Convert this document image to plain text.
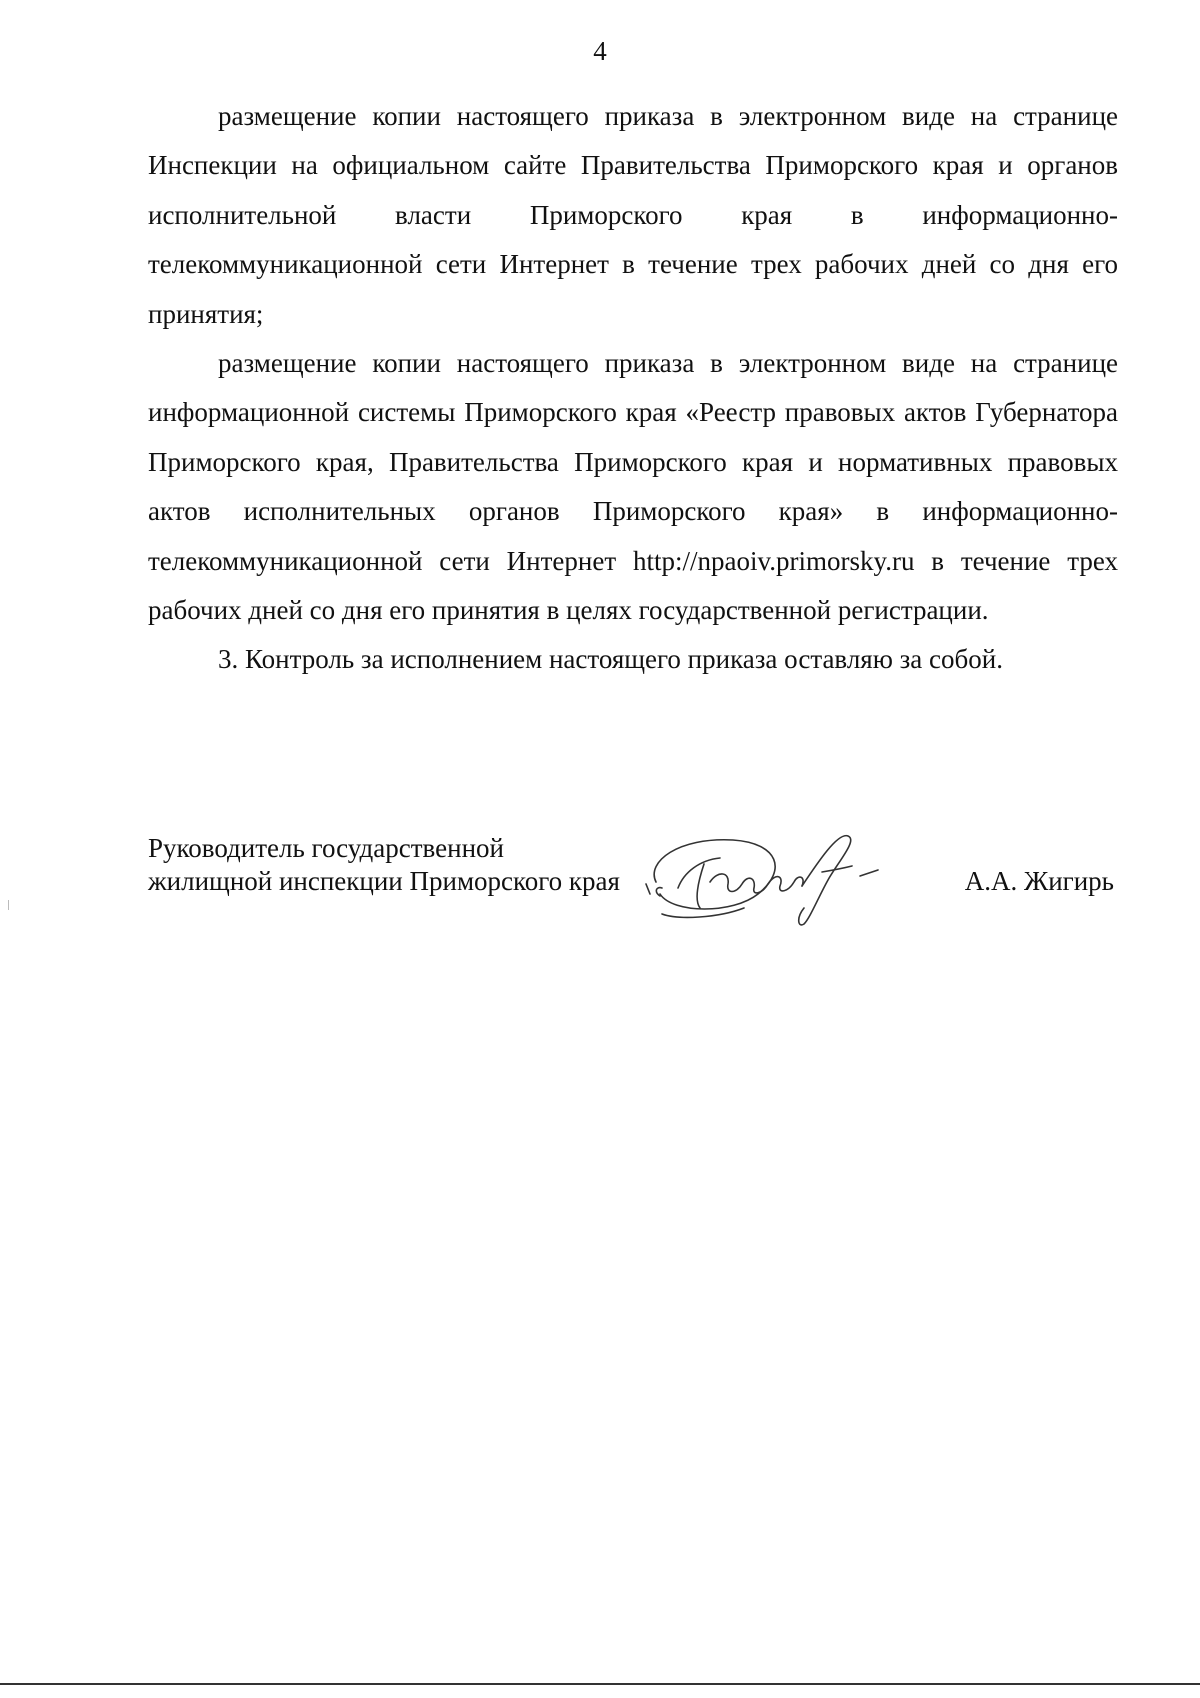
4

размещение копии настоящего приказа в электронном виде на странице Инспекции на официальном сайте Правительства Приморского края и органов исполнительной власти Приморского края в информационно-телекоммуникационной сети Интернет в течение трех рабочих дней со дня его принятия;

размещение копии настоящего приказа в электронном виде на странице информационной системы Приморского края «Реестр правовых актов Губернатора Приморского края, Правительства Приморского края и нормативных правовых актов исполнительных органов Приморского края» в информационно-телекоммуникационной сети Интернет http://npaoiv.primorsky.ru в течение трех рабочих дней со дня его принятия в целях государственной регистрации.

3. Контроль за исполнением настоящего приказа оставляю за собой.

Руководитель государственной
жилищной инспекции Приморского края	А.А. Жигирь
